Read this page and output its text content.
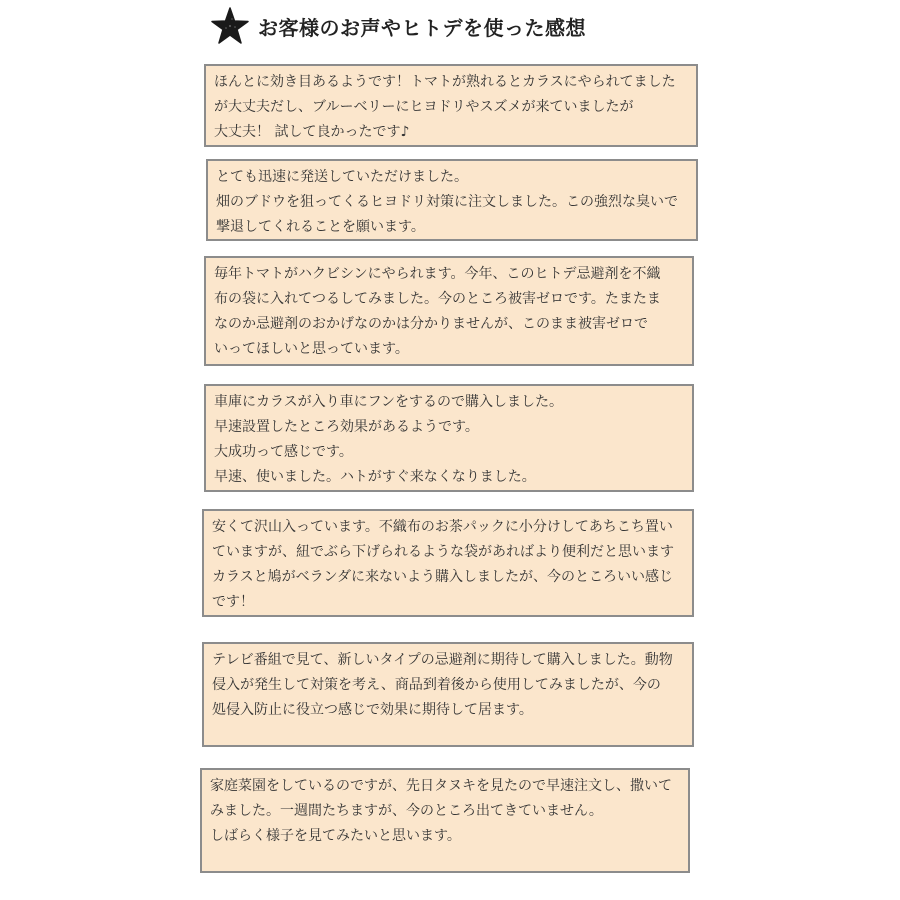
お客様のお声やヒトデを使った感想
ほんとに効き目あるようです！トマトが熟れるとカラスにやられてました
が大丈夫だし、ブルーベリーにヒヨドリやスズメが来ていましたが
大丈夫！ 試して良かったです♪
とても迅速に発送していただけました。
畑のブドウを狙ってくるヒヨドリ対策に注文しました。この強烈な臭いで
撃退してくれることを願います。
毎年トマトがハクビシンにやられます。今年、このヒトデ忌避剤を不織
布の袋に入れてつるしてみました。今のところ被害ゼロです。たまたま
なのか忌避剤のおかげなのかは分かりませんが、このまま被害ゼロで
いってほしいと思っています。
車庫にカラスが入り車にフンをするので購入しました。
早速設置したところ効果があるようです。
大成功って感じです。
早速、使いました。ハトがすぐ来なくなりました。
安くて沢山入っています。不織布のお茶パックに小分けしてあちこち置い
ていますが、紐でぶら下げられるような袋があればより便利だと思います
カラスと鳩がベランダに来ないよう購入しましたが、今のところいい感じ
です！
テレビ番組で見て、新しいタイプの忌避剤に期待して購入しました。動物
侵入が発生して対策を考え、商品到着後から使用してみましたが、今の
処侵入防止に役立つ感じで効果に期待して居ます。
家庭菜園をしているのですが、先日タヌキを見たので早速注文し、撒いて
みました。一週間たちますが、今のところ出てきていません。
しばらく様子を見てみたいと思います。
